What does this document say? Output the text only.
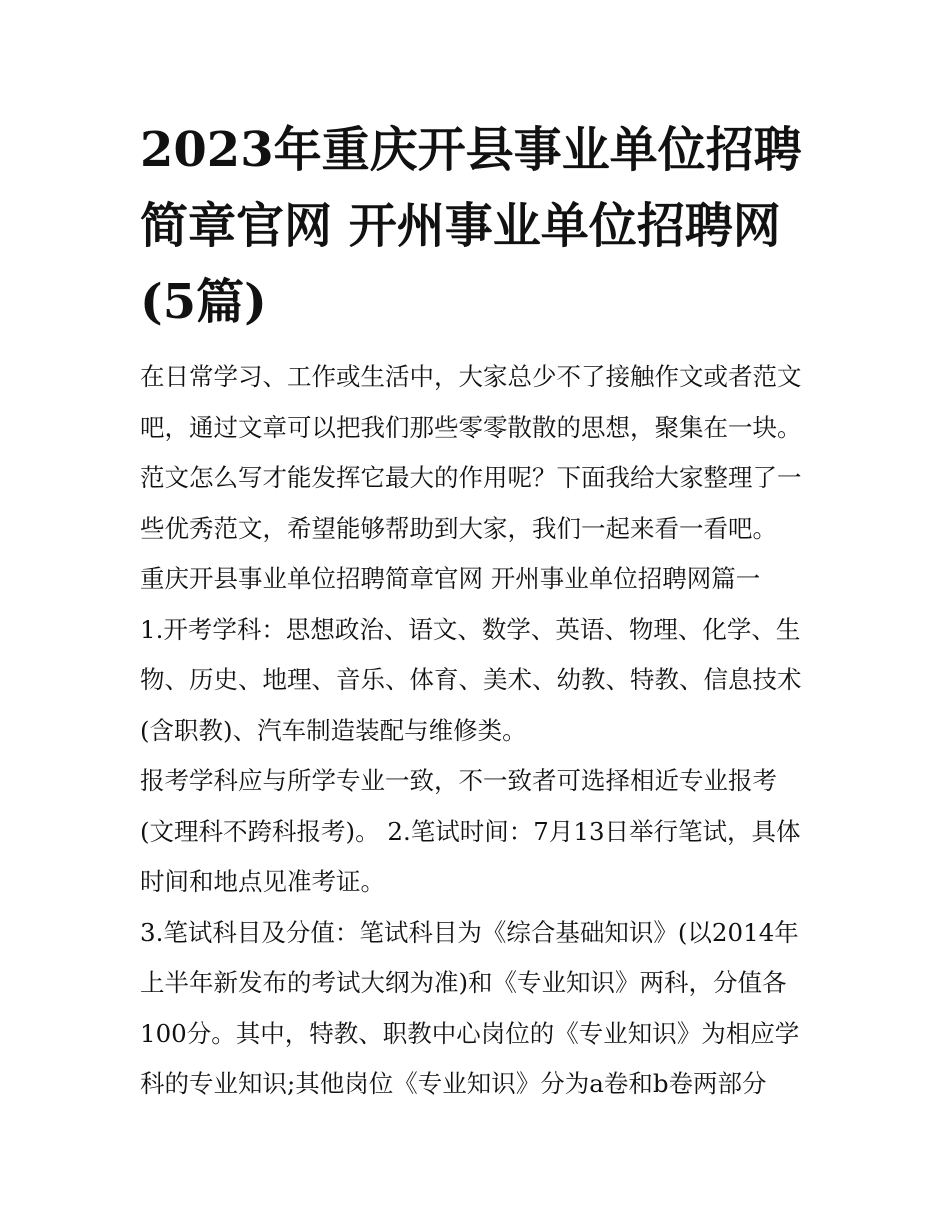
2023年重庆开县事业单位招聘
简章官网 开州事业单位招聘网
(5篇)
在日常学习、工作或生活中，大家总少不了接触作文或者范文
吧，通过文章可以把我们那些零零散散的思想，聚集在一块。
范文怎么写才能发挥它最大的作用呢？下面我给大家整理了一
些优秀范文，希望能够帮助到大家，我们一起来看一看吧。
重庆开县事业单位招聘简章官网 开州事业单位招聘网篇一
1.开考学科：思想政治、语文、数学、英语、物理、化学、生
物、历史、地理、音乐、体育、美术、幼教、特教、信息技术
(含职教)、汽车制造装配与维修类。
报考学科应与所学专业一致，不一致者可选择相近专业报考
(文理科不跨科报考)。 2.笔试时间：7月13日举行笔试，具体
时间和地点见准考证。
3.笔试科目及分值：笔试科目为《综合基础知识》(以2014年
上半年新发布的考试大纲为准)和《专业知识》两科，分值各
100分。其中，特教、职教中心岗位的《专业知识》为相应学
科的专业知识;其他岗位《专业知识》分为a卷和b卷两部分
